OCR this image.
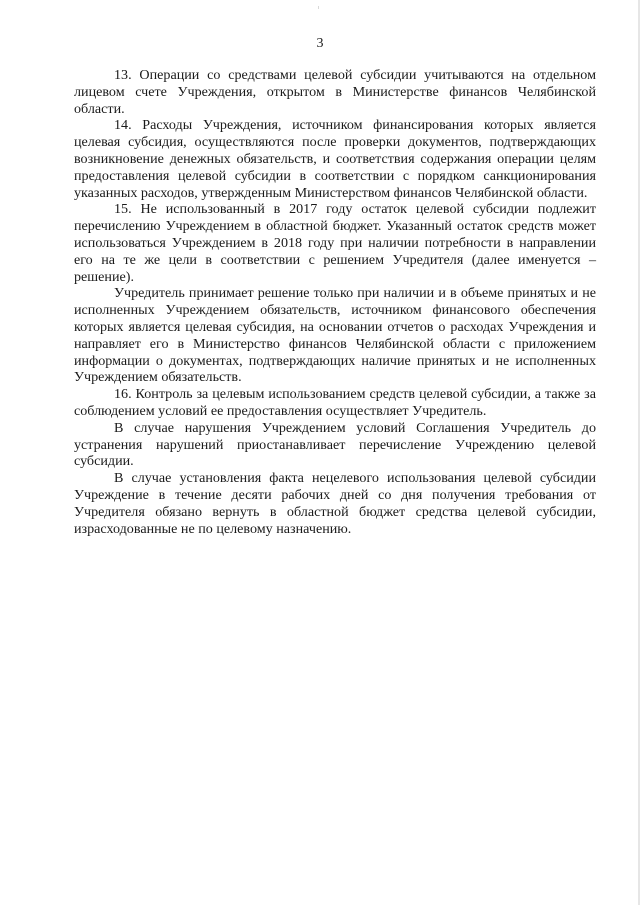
3

13. Операции со средствами целевой субсидии учитываются на отдельном лицевом счете Учреждения, открытом в Министерстве финансов Челябинской области.

14. Расходы Учреждения, источником финансирования которых является целевая субсидия, осуществляются после проверки документов, подтверждающих возникновение денежных обязательств, и соответствия содержания операции целям предоставления целевой субсидии в соответствии с порядком санкционирования указанных расходов, утвержденным Министерством финансов Челябинской области.

15. Не использованный в 2017 году остаток целевой субсидии подлежит перечислению Учреждением в областной бюджет. Указанный остаток средств может использоваться Учреждением в 2018 году при наличии потребности в направлении его на те же цели в соответствии с решением Учредителя (далее именуется – решение).

Учредитель принимает решение только при наличии и в объеме принятых и не исполненных Учреждением обязательств, источником финансового обеспечения которых является целевая субсидия, на основании отчетов о расходах Учреждения и направляет его в Министерство финансов Челябинской области с приложением информации о документах, подтверждающих наличие принятых и не исполненных Учреждением обязательств.

16. Контроль за целевым использованием средств целевой субсидии, а также за соблюдением условий ее предоставления осуществляет Учредитель.

В случае нарушения Учреждением условий Соглашения Учредитель до устранения нарушений приостанавливает перечисление Учреждению целевой субсидии.

В случае установления факта нецелевого использования целевой субсидии Учреждение в течение десяти рабочих дней со дня получения требования от Учредителя обязано вернуть в областной бюджет средства целевой субсидии, израсходованные не по целевому назначению.
